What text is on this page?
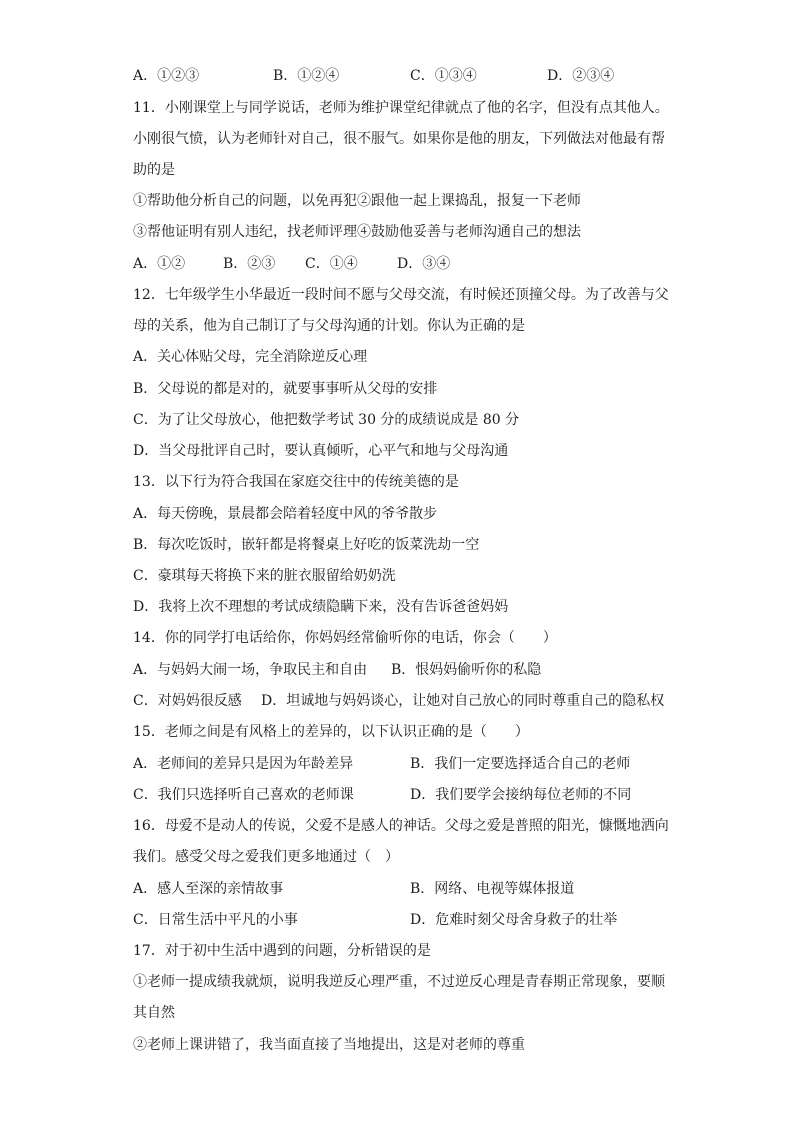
A．①②③	B．①②④	C．①③④	D．②③④
11．小刚课堂上与同学说话，老师为维护课堂纪律就点了他的名字，但没有点其他人。
小刚很气愤，认为老师针对自己，很不服气。如果你是他的朋友，下列做法对他最有帮
助的是
①帮助他分析自己的问题，以免再犯②跟他一起上课捣乱，报复一下老师
③帮他证明有别人违纪，找老师评理④鼓励他妥善与老师沟通自己的想法
A．①②	B．②③ C．①④	D．③④
12．七年级学生小华最近一段时间不愿与父母交流，有时候还顶撞父母。为了改善与父
母的关系，他为自己制订了与父母沟通的计划。你认为正确的是
A．关心体贴父母，完全消除逆反心理
B．父母说的都是对的，就要事事听从父母的安排
C．为了让父母放心，他把数学考试 30 分的成绩说成是 80 分
D．当父母批评自己时，要认真倾听，心平气和地与父母沟通
13．以下行为符合我国在家庭交往中的传统美德的是
A．每天傍晚，景晨都会陪着轻度中风的爷爷散步
B．每次吃饭时，嵌轩都是将餐桌上好吃的饭菜洗劫一空
C．豪琪每天将换下来的脏衣服留给奶奶洗
D．我将上次不理想的考试成绩隐瞒下来，没有告诉爸爸妈妈
14．你的同学打电话给你，你妈妈经常偷听你的电话，你会（　　）
A．与妈妈大闹一场，争取民主和自由 B．恨妈妈偷听你的私隐
C．对妈妈很反感 D．坦诚地与妈妈谈心，让她对自己放心的同时尊重自己的隐私权
15．老师之间是有风格上的差异的，以下认识正确的是（　　）
A．老师间的差异只是因为年龄差异	B．我们一定要选择适合自己的老师
C．我们只选择听自己喜欢的老师课	D．我们要学会接纳每位老师的不同
16．母爱不是动人的传说，父爱不是感人的神话。父母之爱是普照的阳光，慷慨地洒向
我们。感受父母之爱我们更多地通过（　）
A．感人至深的亲情故事	B．网络、电视等媒体报道
C．日常生活中平凡的小事	D．危难时刻父母舍身救子的壮举
17．对于初中生活中遇到的问题，分析错误的是
①老师一提成绩我就烦，说明我逆反心理严重，不过逆反心理是青春期正常现象，要顺
其自然
②老师上课讲错了，我当面直接了当地提出，这是对老师的尊重
